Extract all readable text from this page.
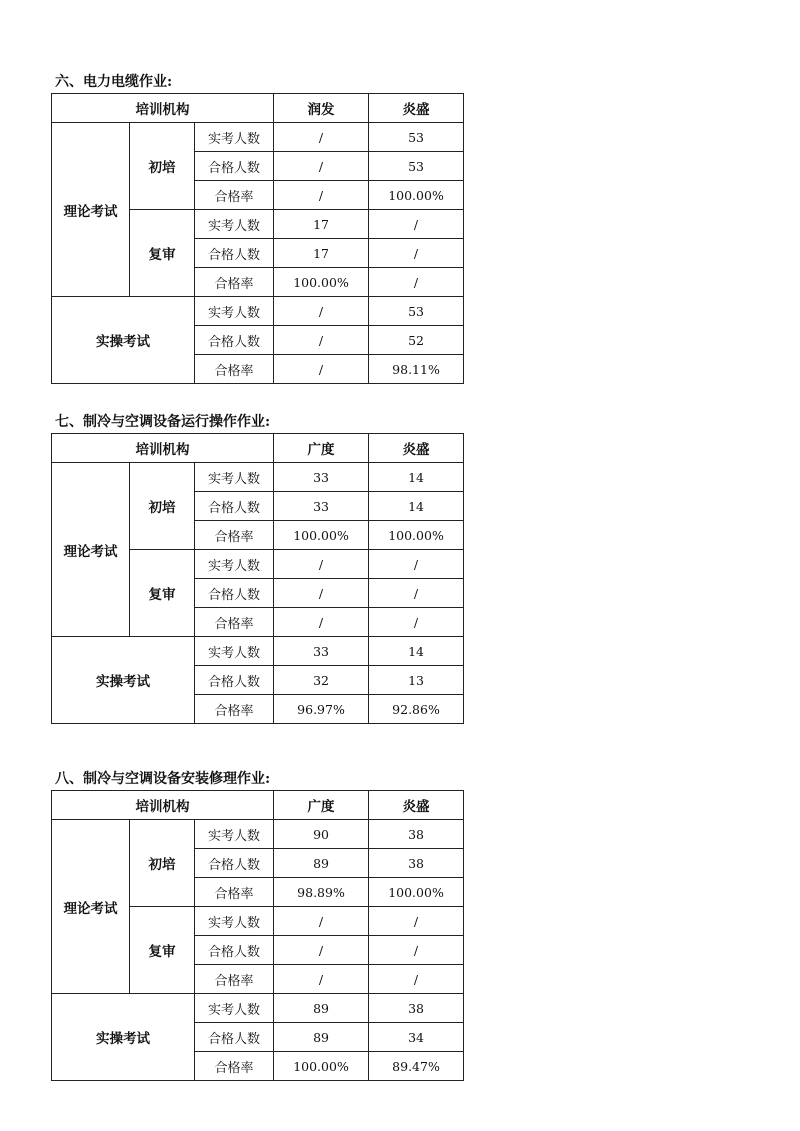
六、电力电缆作业:
培训机构			润发	炎盛
理论考试	初培	实考人数	/	53
		合格人数	/	53
		合格率	/	100.00%
	复审	实考人数	17	/
		合格人数	17	/
		合格率	100.00%	/
实操考试		实考人数	/	53
		合格人数	/	52
		合格率	/	98.11%
七、制冷与空调设备运行操作作业:
培训机构			广度	炎盛
理论考试	初培	实考人数	33	14
		合格人数	33	14
		合格率	100.00%	100.00%
	复审	实考人数	/	/
		合格人数	/	/
		合格率	/	/
实操考试		实考人数	33	14
		合格人数	32	13
		合格率	96.97%	92.86%
八、制冷与空调设备安装修理作业:
培训机构			广度	炎盛
理论考试	初培	实考人数	90	38
		合格人数	89	38
		合格率	98.89%	100.00%
	复审	实考人数	/	/
		合格人数	/	/
		合格率	/	/
实操考试		实考人数	89	38
		合格人数	89	34
		合格率	100.00%	89.47%
